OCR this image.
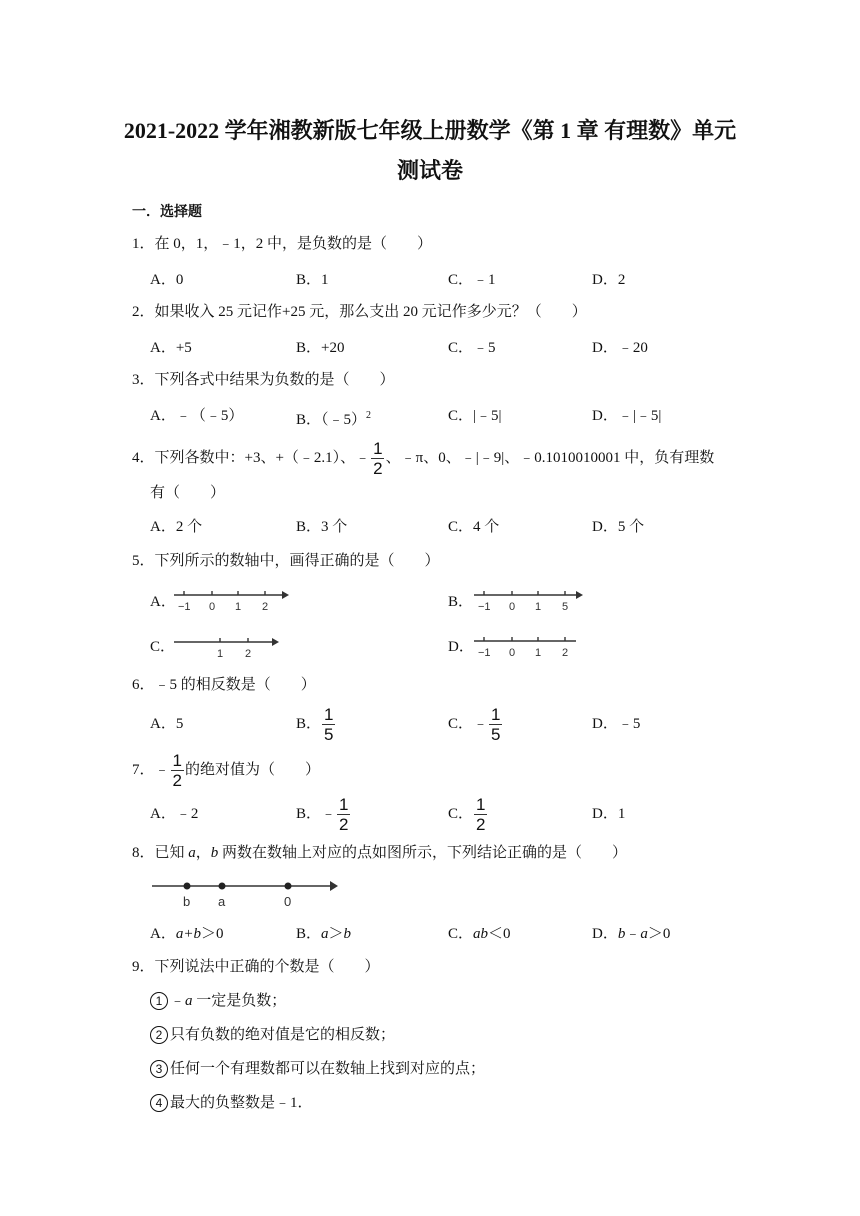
2021-2022 学年湘教新版七年级上册数学《第 1 章 有理数》单元
测试卷
一．选择题
1．在 0，1，﹣1，2 中，是负数的是（　　）
A．0	B．1	C．﹣1	D．2
2．如果收入 25 元记作+25 元，那么支出 20 元记作多少元？（　　）
A．+5	B．+20	C．﹣5	D．﹣20
3．下列各式中结果为负数的是（　　）
A．﹣（﹣5）	B．（﹣5）$^2$	C．|﹣5|	D．﹣|﹣5|
4．下列各数中：+3、+（﹣2.1）、﹣ $\frac{1}{2}$ 、﹣π、0、﹣|﹣9|、﹣0.1010010001 中，负有理数
有（　　）
A．2 个	B．3 个	C．4 个	D．5 个
5．下列所示的数轴中，画得正确的是（　　）
A． −1 0 1 2	B． −1 0 1 5
C．	1 2	D． −1 0 1 2
6．﹣5 的相反数是（　　）
A．5	B． $\frac{1}{5}$	C．﹣ $\frac{1}{5}$	D．﹣5
7．﹣ $\frac{1}{2}$ 的绝对值为（　　）
A．﹣2	B．﹣ $\frac{1}{2}$	C． $\frac{1}{2}$	D．1
8．已知 a，b 两数在数轴上对应的点如图所示，下列结论正确的是（　　）
b a	0
A．a+b＞0	B．a＞b	C．ab＜0	D．b﹣a＞0
9．下列说法中正确的个数是（　　）
1 ﹣a 一定是负数；
2 只有负数的绝对值是它的相反数；
3 任何一个有理数都可以在数轴上找到对应的点；
4 最大的负整数是﹣1．
